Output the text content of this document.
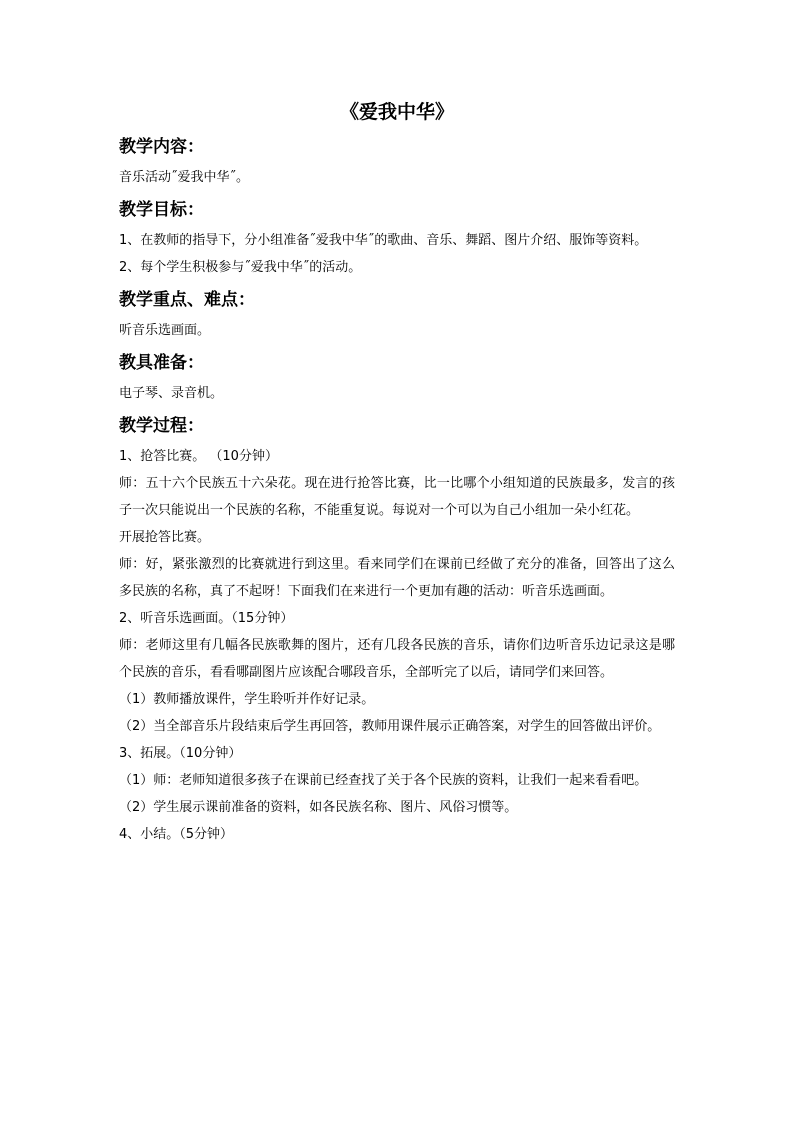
《爱我中华》
教学内容：

音乐活动˝爱我中华˝。

教学目标：

1、在教师的指导下，分小组准备˝爱我中华˝的歌曲、音乐、舞蹈、图片介绍、服饰等资料。

2、每个学生积极参与˝爱我中华˝的活动。

教学重点、难点：

听音乐选画面。

教具准备：

电子琴、录音机。

教学过程：

1、抢答比赛。 （10分钟）

师：五十六个民族五十六朵花。现在进行抢答比赛，比一比哪个小组知道的民族最多，发言的孩子一次只能说出一个民族的名称，不能重复说。每说对一个可以为自己小组加一朵小红花。

开展抢答比赛。

师：好，紧张激烈的比赛就进行到这里。看来同学们在课前已经做了充分的准备，回答出了这么多民族的名称，真了不起呀！下面我们在来进行一个更加有趣的活动：听音乐选画面。

2、听音乐选画面。（15分钟）

师：老师这里有几幅各民族歌舞的图片，还有几段各民族的音乐，请你们边听音乐边记录这是哪个民族的音乐，看看哪副图片应该配合哪段音乐，全部听完了以后，请同学们来回答。

（1）教师播放课件，学生聆听并作好记录。

（2）当全部音乐片段结束后学生再回答，教师用课件展示正确答案，对学生的回答做出评价。

3、拓展。（10分钟）

（1）师：老师知道很多孩子在课前已经查找了关于各个民族的资料，让我们一起来看看吧。

（2）学生展示课前准备的资料，如各民族名称、图片、风俗习惯等。

4、小结。（5分钟）
